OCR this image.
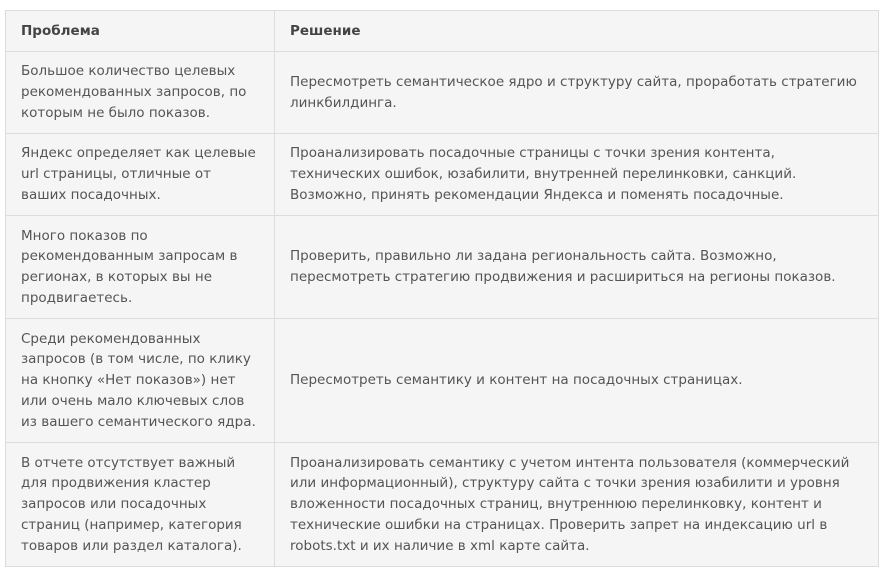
Проблема	Решение
Большое количество целевых рекомендованных запросов, по которым не было показов.	Пересмотреть семантическое ядро и структуру сайта, проработать стратегию линкбилдинга.
Яндекс определяет как целевые url страницы, отличные от ваших посадочных.	Проанализировать посадочные страницы с точки зрения контента, технических ошибок, юзабилити, внутренней перелинковки, санкций. Возможно, принять рекомендации Яндекса и поменять посадочные.
Много показов по рекомендованным запросам в регионах, в которых вы не продвигаетесь.	Проверить, правильно ли задана региональность сайта. Возможно, пересмотреть стратегию продвижения и расшириться на регионы показов.
Среди рекомендованных запросов (в том числе, по клику на кнопку «Нет показов») нет или очень мало ключевых слов из вашего семантического ядра.	Пересмотреть семантику и контент на посадочных страницах.
В отчете отсутствует важный для продвижения кластер запросов или посадочных страниц (например, категория товаров или раздел каталога).	Проанализировать семантику с учетом интента пользователя (коммерческий или информационный), структуру сайта с точки зрения юзабилити и уровня вложенности посадочных страниц, внутреннюю перелинковку, контент и технические ошибки на страницах. Проверить запрет на индексацию url в robots.txt и их наличие в xml карте сайта.
